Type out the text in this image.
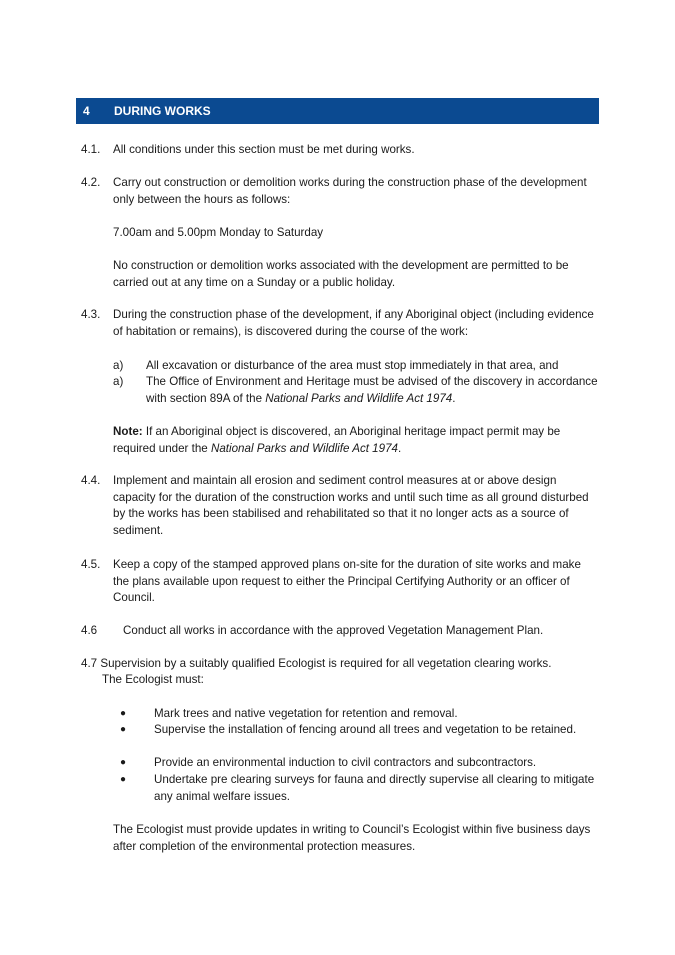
4 DURING WORKS
4.1. All conditions under this section must be met during works.
4.2. Carry out construction or demolition works during the construction phase of the development only between the hours as follows:
7.00am and 5.00pm Monday to Saturday
No construction or demolition works associated with the development are permitted to be carried out at any time on a Sunday or a public holiday.
4.3. During the construction phase of the development, if any Aboriginal object (including evidence of habitation or remains), is discovered during the course of the work:
a) All excavation or disturbance of the area must stop immediately in that area, and
a) The Office of Environment and Heritage must be advised of the discovery in accordance with section 89A of the National Parks and Wildlife Act 1974.
Note: If an Aboriginal object is discovered, an Aboriginal heritage impact permit may be required under the National Parks and Wildlife Act 1974.
4.4. Implement and maintain all erosion and sediment control measures at or above design capacity for the duration of the construction works and until such time as all ground disturbed by the works has been stabilised and rehabilitated so that it no longer acts as a source of sediment.
4.5. Keep a copy of the stamped approved plans on-site for the duration of site works and make the plans available upon request to either the Principal Certifying Authority or an officer of Council.
4.6 Conduct all works in accordance with the approved Vegetation Management Plan.
4.7 Supervision by a suitably qualified Ecologist is required for all vegetation clearing works.
The Ecologist must:
● Mark trees and native vegetation for retention and removal.
● Supervise the installation of fencing around all trees and vegetation to be retained.
● Provide an environmental induction to civil contractors and subcontractors.
● Undertake pre clearing surveys for fauna and directly supervise all clearing to mitigate any animal welfare issues.
The Ecologist must provide updates in writing to Council’s Ecologist within five business days after completion of the environmental protection measures.
